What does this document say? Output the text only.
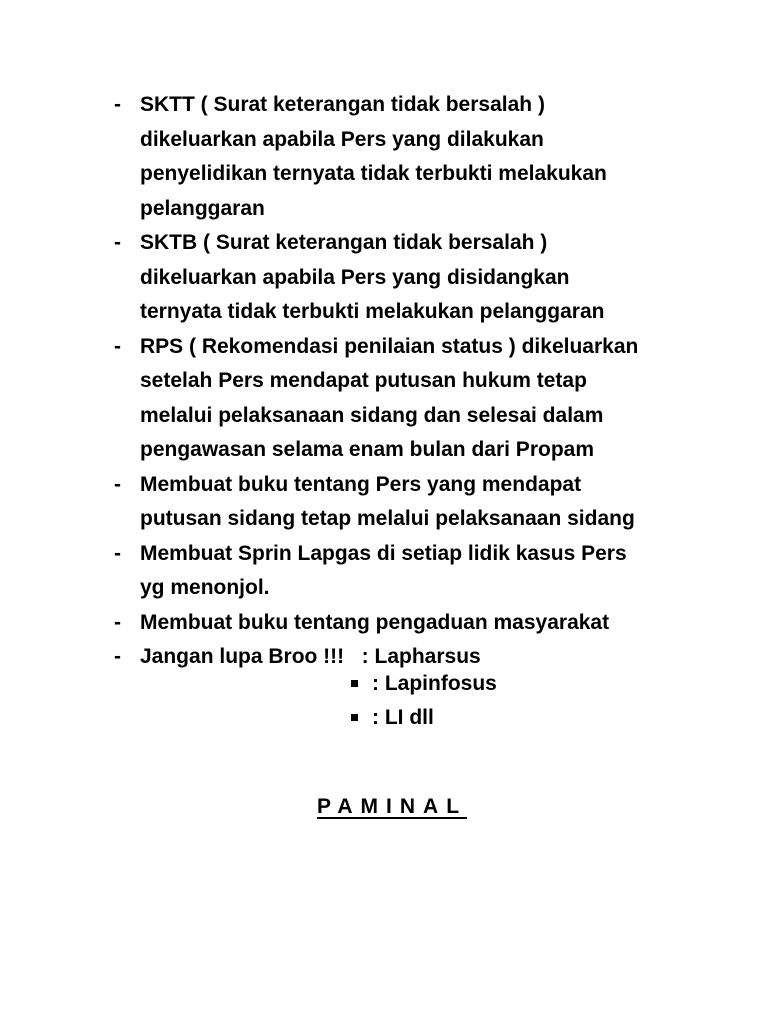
- SKTT ( Surat keterangan tidak bersalah )
dikeluarkan apabila Pers yang dilakukan
penyelidikan ternyata tidak terbukti melakukan
pelanggaran
- SKTB ( Surat keterangan tidak bersalah )
dikeluarkan apabila Pers yang disidangkan
ternyata tidak terbukti melakukan pelanggaran
- RPS ( Rekomendasi penilaian status ) dikeluarkan
setelah Pers mendapat putusan hukum tetap
melalui pelaksanaan sidang dan selesai dalam
pengawasan selama enam bulan dari Propam
- Membuat buku tentang Pers yang mendapat
putusan sidang tetap melalui pelaksanaan sidang
- Membuat Sprin Lapgas di setiap lidik kasus Pers
yg menonjol.
- Membuat buku tentang pengaduan masyarakat
- Jangan lupa Broo !!!   : Lapharsus
: Lapinfosus
: LI dll
PAMINAL
